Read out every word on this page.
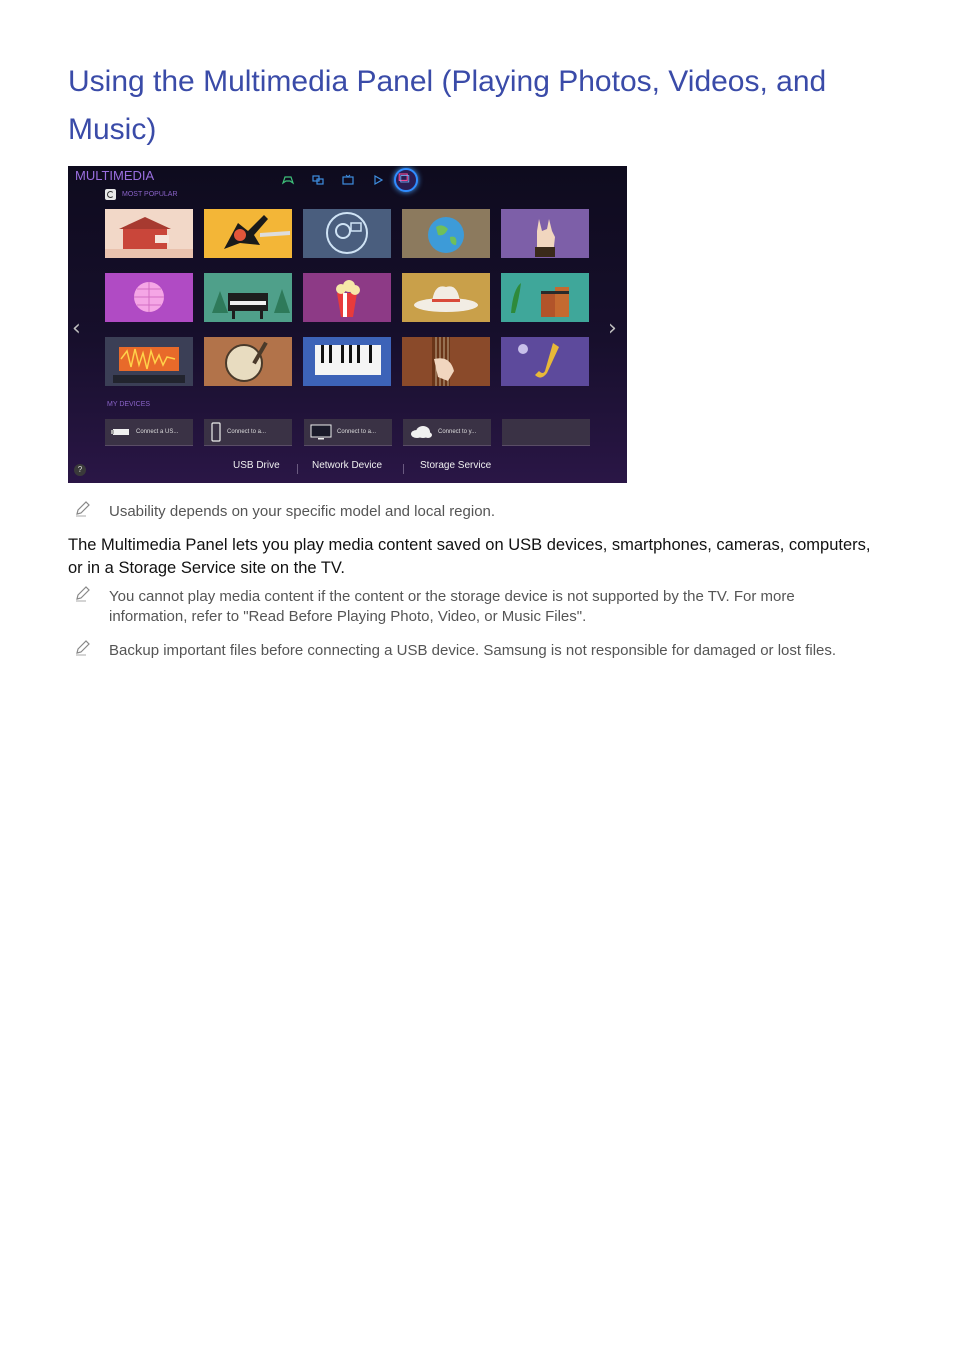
Using the Multimedia Panel (Playing Photos, Videos, and Music)
MULTIMEDIA
MOST POPULAR
‹	›
MY DEVICES
Connect a US...	Connect to a...	Connect to a...	Connect to y...
?	USB Drive	Network Device	Storage Service

Usability depends on your specific model and local region.

The Multimedia Panel lets you play media content saved on USB devices, smartphones, cameras, computers, or in a Storage Service site on the TV.

You cannot play media content if the content or the storage device is not supported by the TV. For more information, refer to "Read Before Playing Photo, Video, or Music Files".

Backup important files before connecting a USB device. Samsung is not responsible for damaged or lost files.
